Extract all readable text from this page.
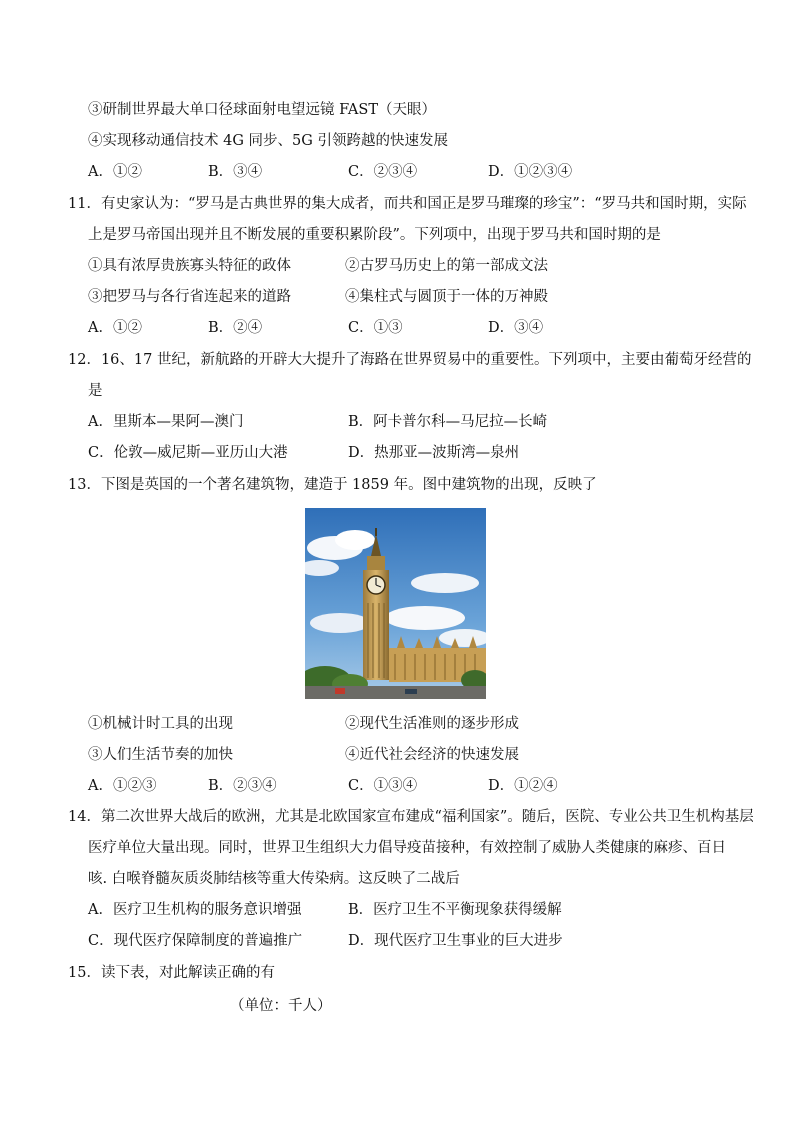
③研制世界最大单口径球面射电望远镜 FAST（天眼）
④实现移动通信技术 4G 同步、5G 引领跨越的快速发展
A．①②	B．③④	C．②③④	D．①②③④
11．有史家认为：“罗马是古典世界的集大成者，而共和国正是罗马璀璨的珍宝”：“罗马共和国时期，实际
上是罗马帝国出现并且不断发展的重要积累阶段”。下列项中，出现于罗马共和国时期的是
①具有浓厚贵族寡头特征的政体	②古罗马历史上的第一部成文法
③把罗马与各行省连起来的道路	④集柱式与圆顶于一体的万神殿
A．①②	B．②④	C．①③	D．③④
12．16、17 世纪，新航路的开辟大大提升了海路在世界贸易中的重要性。下列项中，主要由葡萄牙经营的
是
A．里斯本—果阿—澳门	B．阿卡普尔科—马尼拉—长崎
C．伦敦—威尼斯—亚历山大港	D．热那亚—波斯湾—泉州
13．下图是英国的一个著名建筑物，建造于 1859 年。图中建筑物的出现，反映了
①机械计时工具的出现	②现代生活准则的逐步形成
③人们生活节奏的加快	④近代社会经济的快速发展
A．①②③	B．②③④	C．①③④	D．①②④
14．第二次世界大战后的欧洲，尤其是北欧国家宣布建成“福利国家”。随后，医院、专业公共卫生机构基层
医疗单位大量出现。同时，世界卫生组织大力倡导疫苗接种，有效控制了威胁人类健康的麻疹、百日
咳. 白喉脊髓灰质炎肺结核等重大传染病。这反映了二战后
A．医疗卫生机构的服务意识增强	B．医疗卫生不平衡现象获得缓解
C．现代医疗保障制度的普遍推广	D．现代医疗卫生事业的巨大进步
15．读下表，对此解读正确的有
（单位：千人）
